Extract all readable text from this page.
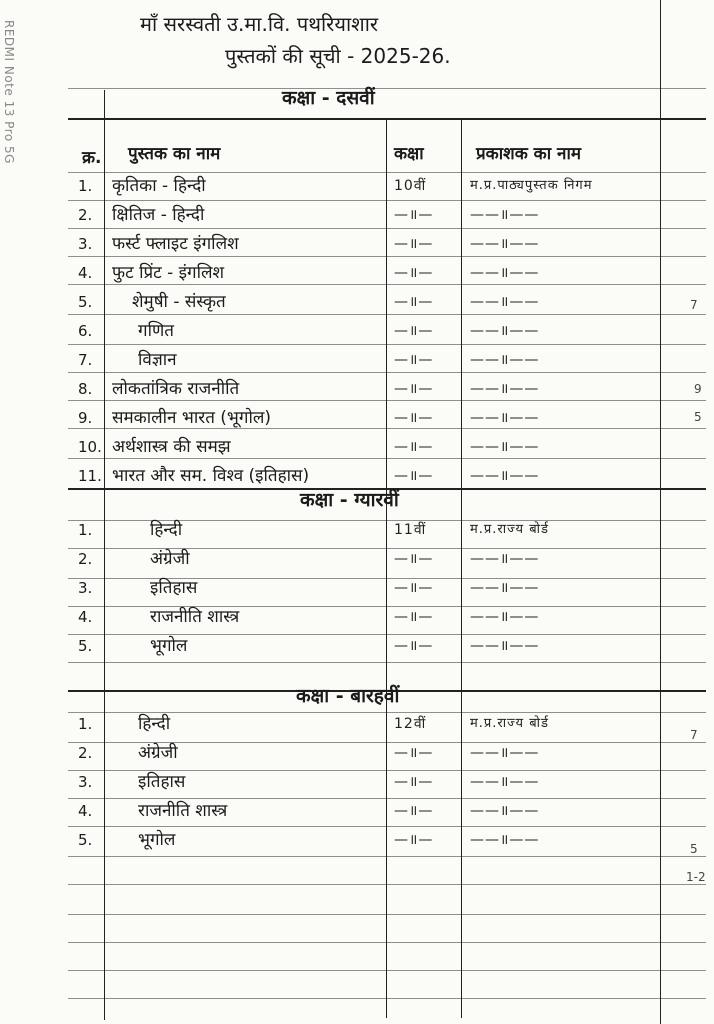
REDMI Note 13 Pro 5G	माँ सरस्वती उ.मा.वि. पथरियाशार
पुस्तकों की सूची - 2025-26.
कक्षा - दसवीं
क्र. पुस्तक का नाम	कक्षा	प्रकाशक का नाम
1. कृतिका - हिन्दी	10वीं	म.प्र.पाठ्यपुस्तक निगम
2. क्षितिज - हिन्दी	—॥—	——॥——
3. फर्स्ट फ्लाइट इंगलिश	—॥—	——॥——
4. फुट प्रिंट - इंगलिश	—॥—	——॥——
5. शेमुषी - संस्कृत	—॥—	——॥——
6.	गणित	—॥—	——॥——
7.	विज्ञान	—॥—	——॥——
8. लोकतांत्रिक राजनीति	—॥—	——॥——
9. समकालीन भारत (भूगोल)	—॥—	——॥——
10. अर्थशास्त्र की समझ	—॥—	——॥——
11. भारत और सम. विश्व (इतिहास)	—॥—	——॥——
कक्षा - ग्यारवीं
1.	हिन्दी	11वीं	म.प्र.राज्य बोर्ड
2.	अंग्रेजी	—॥—	——॥——
3.	इतिहास	—॥—	——॥——
4.	राजनीति शास्त्र	—॥—	——॥——
5.	भूगोल	—॥—	——॥——
कक्षा - बारहवीं
1.	हिन्दी	12वीं	म.प्र.राज्य बोर्ड
2.	अंग्रेजी	—॥—	——॥——
3.	इतिहास	—॥—	——॥——
4.	राजनीति शास्त्र	—॥—	——॥——
5.	भूगोल	—॥—	——॥——
7
9
5
7
5
1-2
